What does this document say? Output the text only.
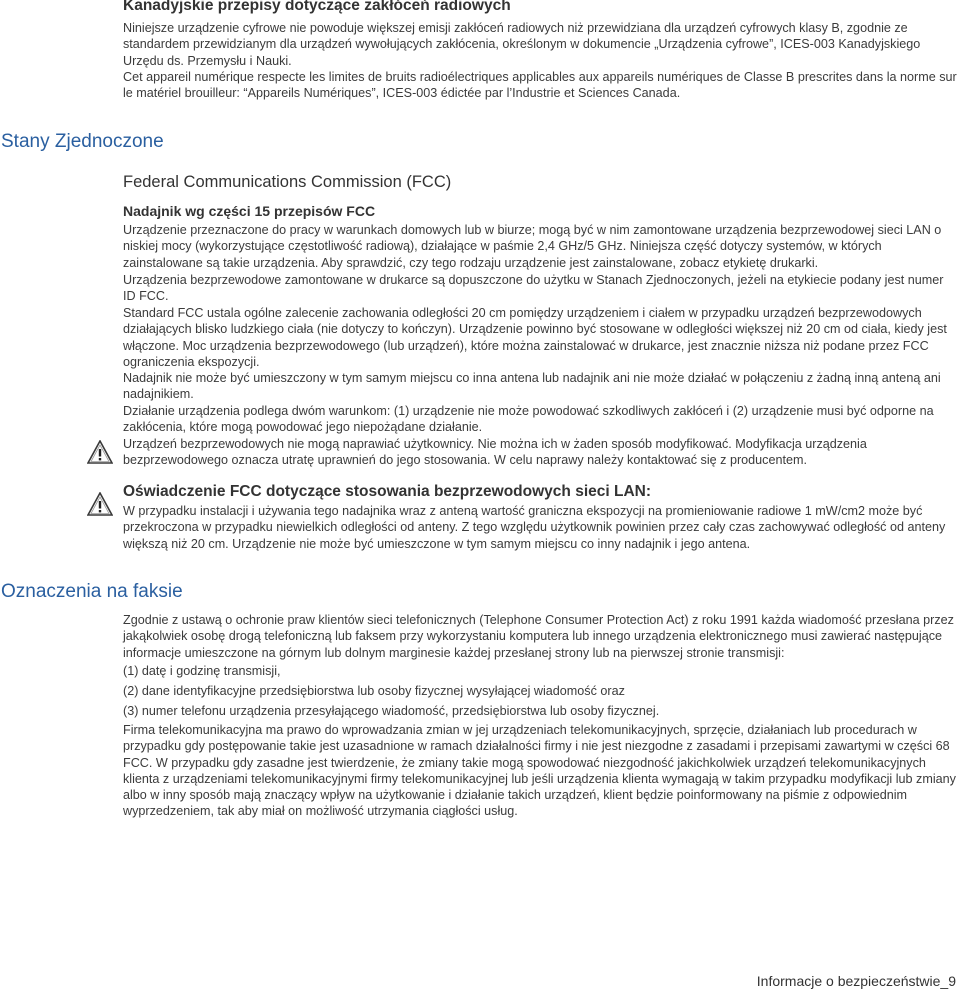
Kanadyjskie przepisy dotyczące zakłóceń radiowych

Niniejsze urządzenie cyfrowe nie powoduje większej emisji zakłóceń radiowych niż przewidziana dla urządzeń cyfrowych klasy B, zgodnie ze standardem przewidzianym dla urządzeń wywołujących zakłócenia, określonym w dokumencie „Urządzenia cyfrowe”, ICES-003 Kanadyjskiego Urzędu ds. Przemysłu i Nauki.

Cet appareil numérique respecte les limites de bruits radioélectriques applicables aux appareils numériques de Classe B prescrites dans la norme sur le matériel brouilleur: “Appareils Numériques”, ICES-003 édictée par l’Industrie et Sciences Canada.

Stany Zjednoczone
Federal Communications Commission (FCC)
Nadajnik wg części 15 przepisów FCC

Urządzenie przeznaczone do pracy w warunkach domowych lub w biurze; mogą być w nim zamontowane urządzenia bezprzewodowej sieci LAN o niskiej mocy (wykorzystujące częstotliwość radiową), działające w paśmie 2,4 GHz/5 GHz. Niniejsza część dotyczy systemów, w których zainstalowane są takie urządzenia. Aby sprawdzić, czy tego rodzaju urządzenie jest zainstalowane, zobacz etykietę drukarki.

Urządzenia bezprzewodowe zamontowane w drukarce są dopuszczone do użytku w Stanach Zjednoczonych, jeżeli na etykiecie podany jest numer ID FCC.

Standard FCC ustala ogólne zalecenie zachowania odległości 20 cm pomiędzy urządzeniem i ciałem w przypadku urządzeń bezprzewodowych działających blisko ludzkiego ciała (nie dotyczy to kończyn). Urządzenie powinno być stosowane w odległości większej niż 20 cm od ciała, kiedy jest włączone. Moc urządzenia bezprzewodowego (lub urządzeń), które można zainstalować w drukarce, jest znacznie niższa niż podane przez FCC ograniczenia ekspozycji.

Nadajnik nie może być umieszczony w tym samym miejscu co inna antena lub nadajnik ani nie może działać w połączeniu z żadną inną anteną ani nadajnikiem.

Działanie urządzenia podlega dwóm warunkom: (1) urządzenie nie może powodować szkodliwych zakłóceń i (2) urządzenie musi być odporne na zakłócenia, które mogą powodować jego niepożądane działanie.

Urządzeń bezprzewodowych nie mogą naprawiać użytkownicy. Nie można ich w żaden sposób modyfikować. Modyfikacja urządzenia bezprzewodowego oznacza utratę uprawnień do jego stosowania. W celu naprawy należy kontaktować się z producentem.

Oświadczenie FCC dotyczące stosowania bezprzewodowych sieci LAN:

W przypadku instalacji i używania tego nadajnika wraz z anteną wartość graniczna ekspozycji na promieniowanie radiowe 1 mW/cm2 może być przekroczona w przypadku niewielkich odległości od anteny. Z tego względu użytkownik powinien przez cały czas zachowywać odległość od anteny większą niż 20 cm. Urządzenie nie może być umieszczone w tym samym miejscu co inny nadajnik i jego antena.

Oznaczenia na faksie

Zgodnie z ustawą o ochronie praw klientów sieci telefonicznych (Telephone Consumer Protection Act) z roku 1991 każda wiadomość przesłana przez jakąkolwiek osobę drogą telefoniczną lub faksem przy wykorzystaniu komputera lub innego urządzenia elektronicznego musi zawierać następujące informacje umieszczone na górnym lub dolnym marginesie każdej przesłanej strony lub na pierwszej stronie transmisji:

(1) datę i godzinę transmisji,

(2) dane identyfikacyjne przedsiębiorstwa lub osoby fizycznej wysyłającej wiadomość oraz

(3) numer telefonu urządzenia przesyłającego wiadomość, przedsiębiorstwa lub osoby fizycznej.

Firma telekomunikacyjna ma prawo do wprowadzania zmian w jej urządzeniach telekomunikacyjnych, sprzęcie, działaniach lub procedurach w przypadku gdy postępowanie takie jest uzasadnione w ramach działalności firmy i nie jest niezgodne z zasadami i przepisami zawartymi w części 68 FCC. W przypadku gdy zasadne jest twierdzenie, że zmiany takie mogą spowodować niezgodność jakichkolwiek urządzeń telekomunikacyjnych klienta z urządzeniami telekomunikacyjnymi firmy telekomunikacyjnej lub jeśli urządzenia klienta wymagają w takim przypadku modyfikacji lub zmiany albo w inny sposób mają znaczący wpływ na użytkowanie i działanie takich urządzeń, klient będzie poinformowany na piśmie z odpowiednim wyprzedzeniem, tak aby miał on możliwość utrzymania ciągłości usług.

Informacje o bezpieczeństwie_9
